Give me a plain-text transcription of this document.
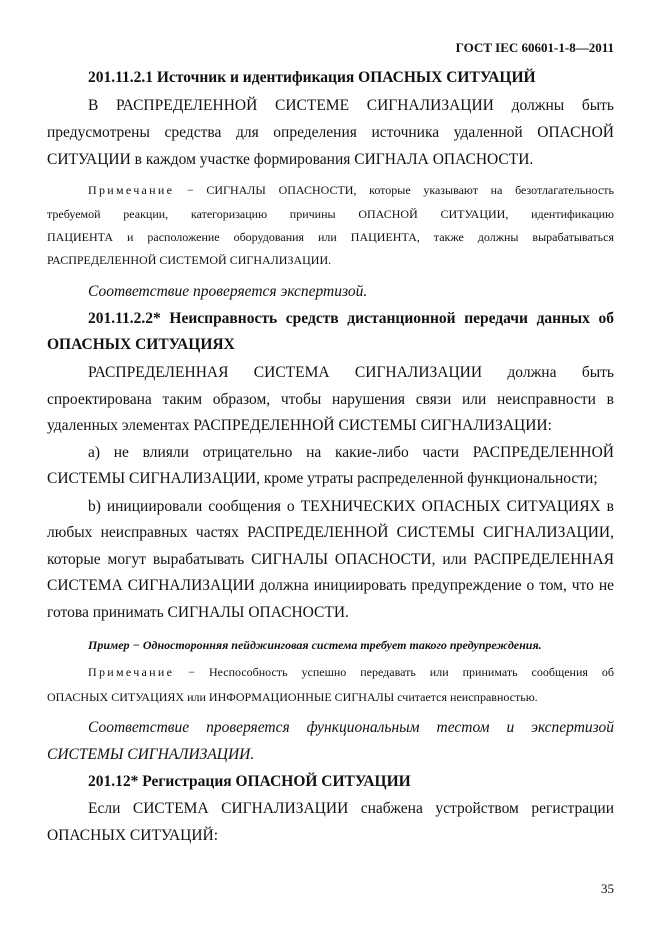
ГОСТ IEC 60601-1-8—2011
201.11.2.1 Источник и идентификация ОПАСНЫХ СИТУАЦИЙ
В РАСПРЕДЕЛЕННОЙ СИСТЕМЕ СИГНАЛИЗАЦИИ должны быть
предусмотрены средства для определения источника удаленной ОПАСНОЙ
СИТУАЦИИ в каждом участке формирования СИГНАЛА ОПАСНОСТИ.
Примечание − СИГНАЛЫ ОПАСНОСТИ, которые указывают на безотлагательность
требуемой реакции, категоризацию причины ОПАСНОЙ СИТУАЦИИ, идентификацию
ПАЦИЕНТА и расположение оборудования или ПАЦИЕНТА, также должны вырабатываться
РАСПРЕДЕЛЕННОЙ СИСТЕМОЙ СИГНАЛИЗАЦИИ.
Соответствие проверяется экспертизой.
201.11.2.2* Неисправность средств дистанционной передачи данных об
ОПАСНЫХ СИТУАЦИЯХ
РАСПРЕДЕЛЕННАЯ СИСТЕМА СИГНАЛИЗАЦИИ должна быть
спроектирована таким образом, чтобы нарушения связи или неисправности в
удаленных элементах РАСПРЕДЕЛЕННОЙ СИСТЕМЫ СИГНАЛИЗАЦИИ:
a) не влияли отрицательно на какие-либо части РАСПРЕДЕЛЕННОЙ
СИСТЕМЫ СИГНАЛИЗАЦИИ, кроме утраты распределенной функциональности;
b) инициировали сообщения о ТЕХНИЧЕСКИХ ОПАСНЫХ СИТУАЦИЯХ в
любых неисправных частях РАСПРЕДЕЛЕННОЙ СИСТЕМЫ СИГНАЛИЗАЦИИ,
которые могут вырабатывать СИГНАЛЫ ОПАСНОСТИ, или РАСПРЕДЕЛЕННАЯ
СИСТЕМА СИГНАЛИЗАЦИИ должна инициировать предупреждение о том, что не
готова принимать СИГНАЛЫ ОПАСНОСТИ.
Пример − Односторонняя пейджинговая система требует такого предупреждения.
Примечание − Неспособность успешно передавать или принимать сообщения об
ОПАСНЫХ СИТУАЦИЯХ или ИНФОРМАЦИОННЫЕ СИГНАЛЫ считается неисправностью.
Соответствие проверяется функциональным тестом и экспертизой
СИСТЕМЫ СИГНАЛИЗАЦИИ.
201.12* Регистрация ОПАСНОЙ СИТУАЦИИ
Если СИСТЕМА СИГНАЛИЗАЦИИ снабжена устройством регистрации
ОПАСНЫХ СИТУАЦИЙ:
35
